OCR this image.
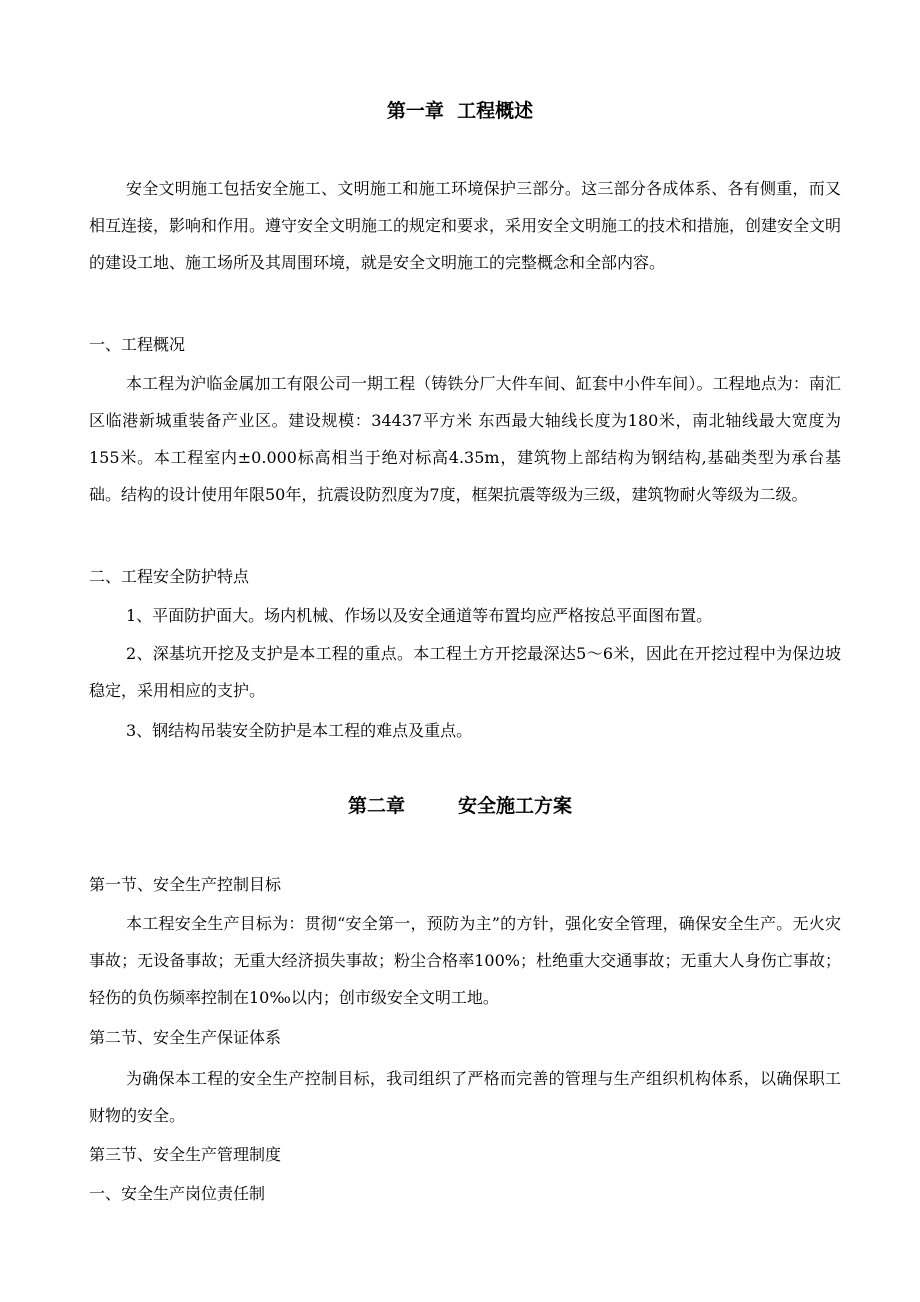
第一章  工程概述

安全文明施工包括安全施工、文明施工和施工环境保护三部分。这三部分各成体系、各有侧重，而又相互连接，影响和作用。遵守安全文明施工的规定和要求，采用安全文明施工的技术和措施，创建安全文明的建设工地、施工场所及其周围环境，就是安全文明施工的完整概念和全部内容。

一、工程概况

本工程为沪临金属加工有限公司一期工程（铸铁分厂大件车间、缸套中小件车间）。工程地点为：南汇区临港新城重装备产业区。建设规模：34437平方米 东西最大轴线长度为180米，南北轴线最大宽度为155米。本工程室内±0.000标高相当于绝对标高4.35m，建筑物上部结构为钢结构,基础类型为承台基础。结构的设计使用年限50年，抗震设防烈度为7度，框架抗震等级为三级，建筑物耐火等级为二级。

二、工程安全防护特点

1、平面防护面大。场内机械、作场以及安全通道等布置均应严格按总平面图布置。

2、深基坑开挖及支护是本工程的重点。本工程土方开挖最深达5～6米，因此在开挖过程中为保边坡稳定，采用相应的支护。

3、钢结构吊装安全防护是本工程的难点及重点。

第二章        安全施工方案

第一节、安全生产控制目标

本工程安全生产目标为：贯彻“安全第一，预防为主”的方针，强化安全管理，确保安全生产。无火灾事故；无设备事故；无重大经济损失事故；粉尘合格率100%；杜绝重大交通事故；无重大人身伤亡事故；轻伤的负伤频率控制在10‰以内；创市级安全文明工地。

第二节、安全生产保证体系

为确保本工程的安全生产控制目标，我司组织了严格而完善的管理与生产组织机构体系，以确保职工财物的安全。

第三节、安全生产管理制度

一、安全生产岗位责任制
